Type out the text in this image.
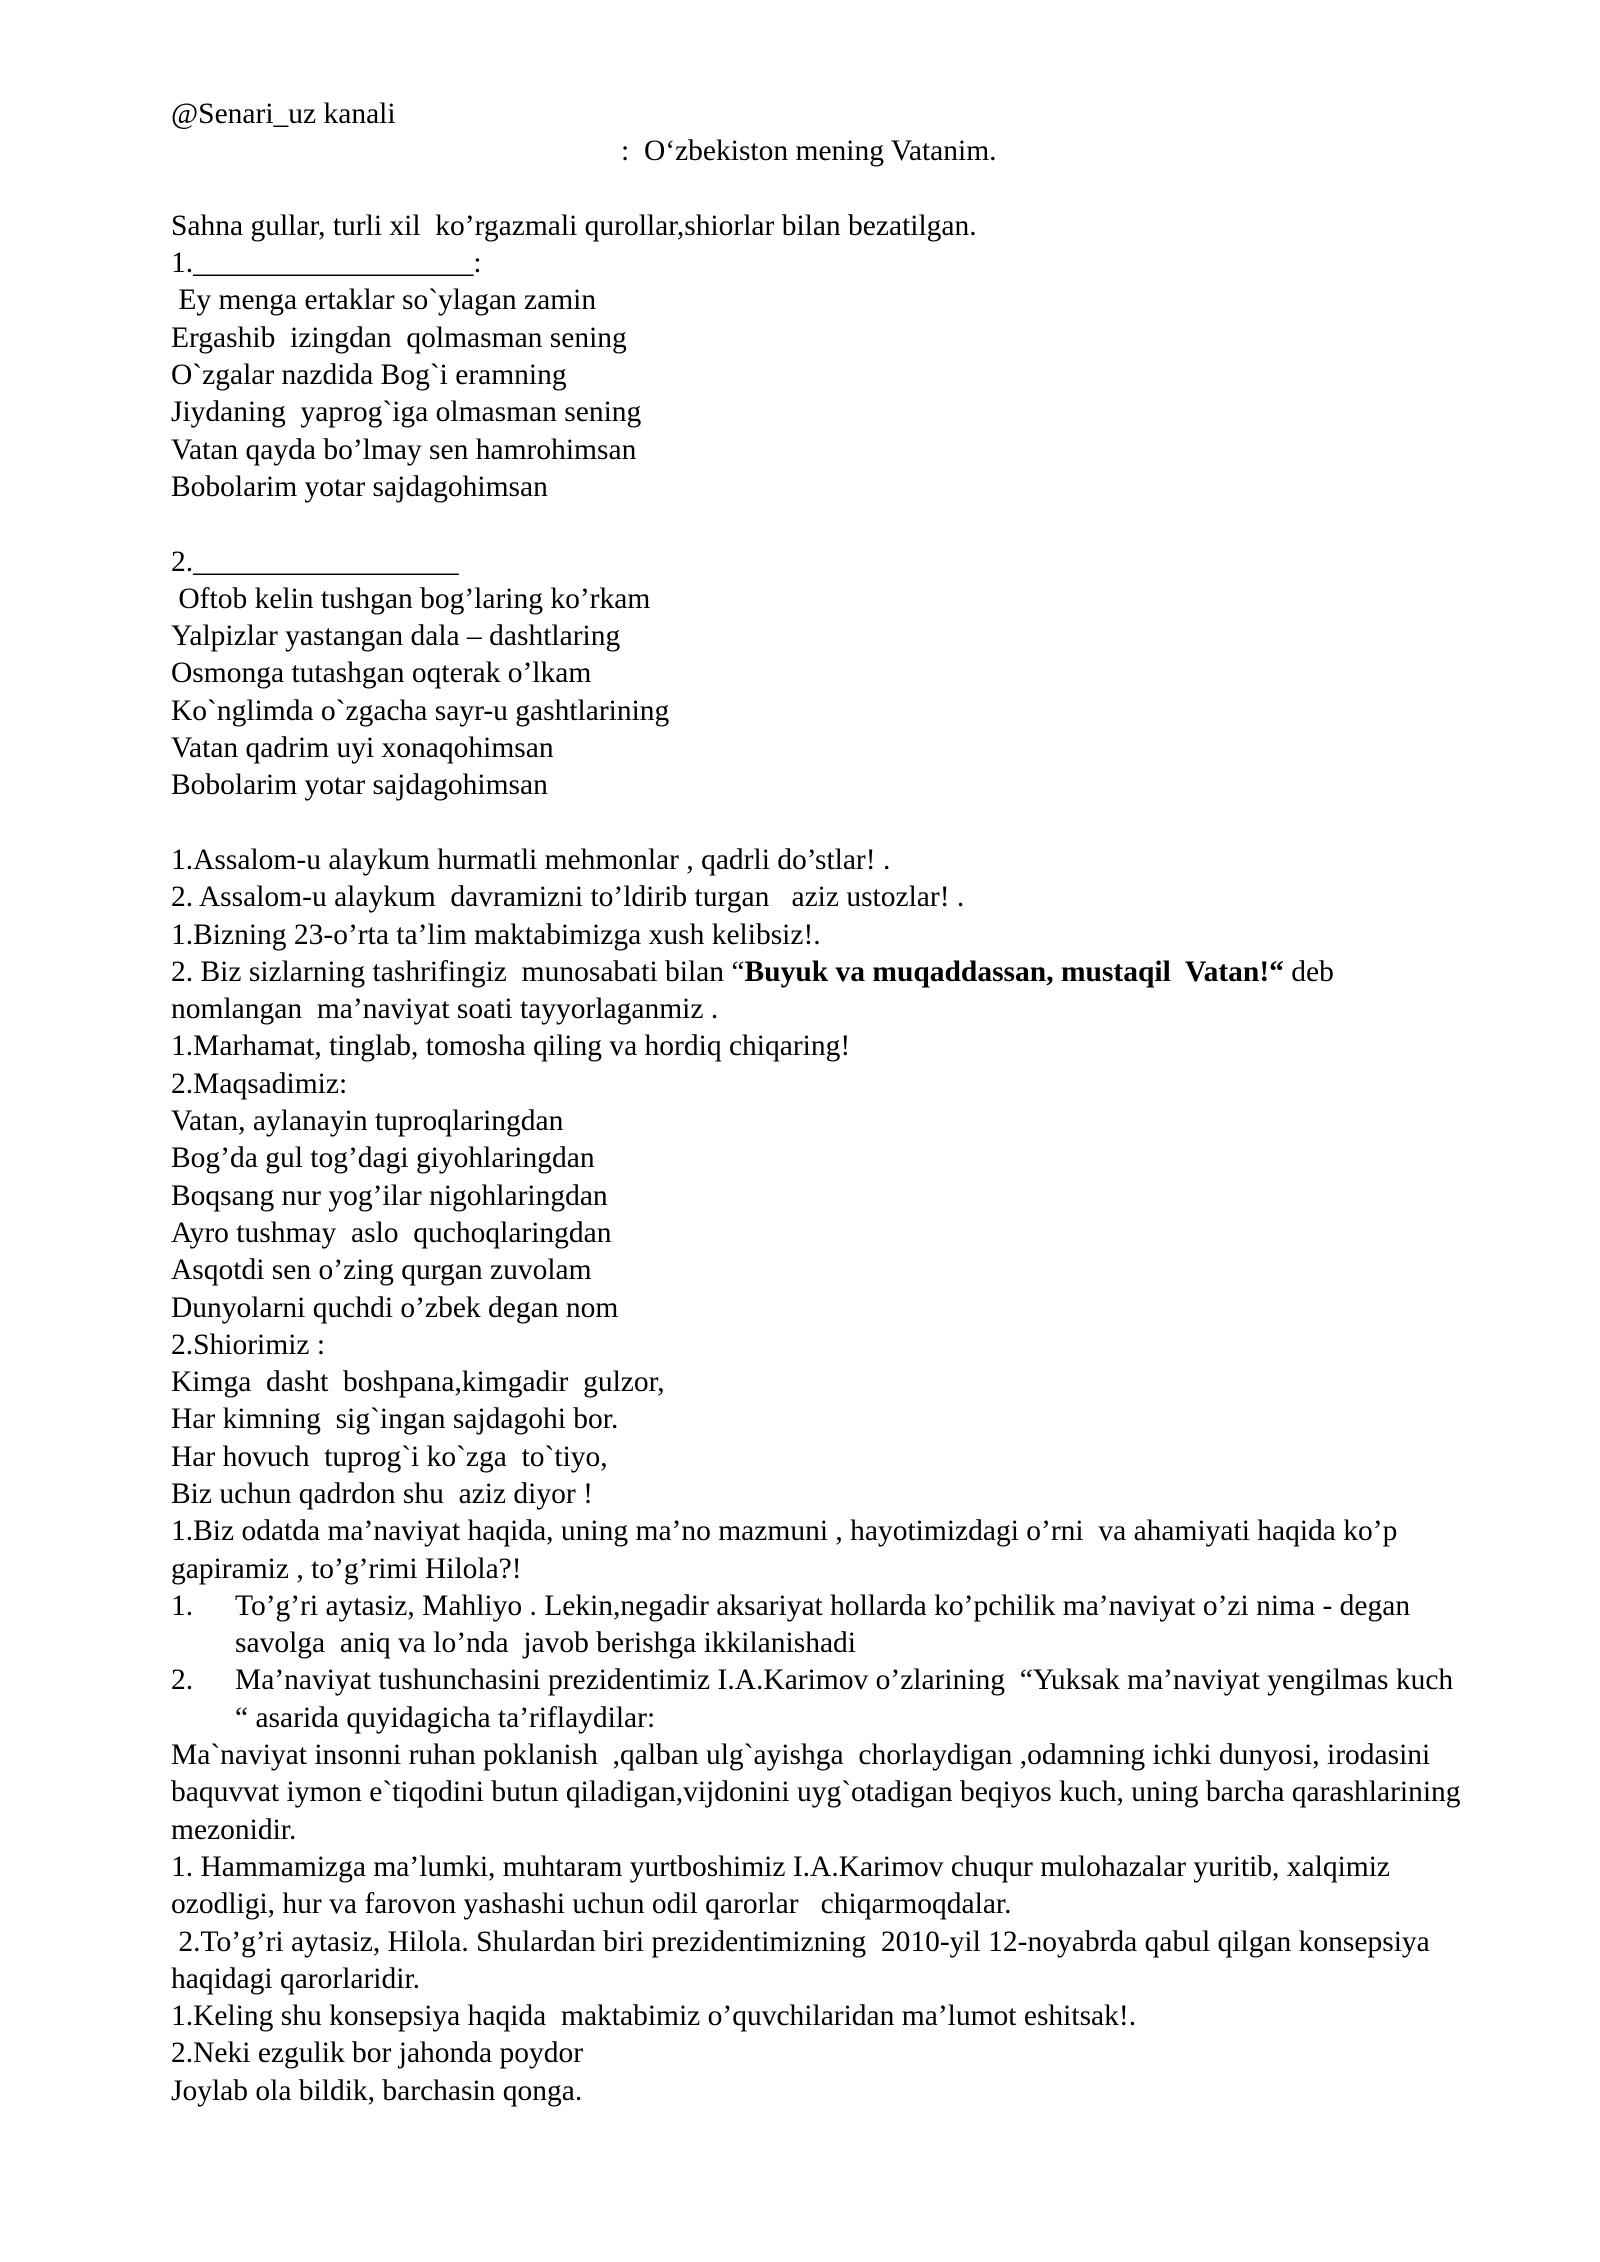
@Senari_uz kanali
:  O‘zbekiston mening Vatanim.
Sahna gullar, turli xil  ko’rgazmali qurollar,shiorlar bilan bezatilgan.
1.___________________:
Ey menga ertaklar so`ylagan zamin
Ergashib  izingdan  qolmasman sening
O`zgalar nazdida Bog`i eramning
Jiydaning  yaprog`iga olmasman sening
Vatan qayda bo’lmay sen hamrohimsan
Bobolarim yotar sajdagohimsan
2.__________________
Oftob kelin tushgan bog’laring ko’rkam
Yalpizlar yastangan dala – dashtlaring
Osmonga tutashgan oqterak o’lkam
Ko`nglimda o`zgacha sayr-u gashtlarining
Vatan qadrim uyi xonaqohimsan
Bobolarim yotar sajdagohimsan
1.Assalom-u alaykum hurmatli mehmonlar , qadrli do’stlar! .
2. Assalom-u alaykum  davramizni to’ldirib turgan   aziz ustozlar! .
1.Bizning 23-o’rta ta’lim maktabimizga xush kelibsiz!.
2. Biz sizlarning tashrifingiz  munosabati bilan “Buyuk va muqaddassan, mustaqil  Vatan!“ deb nomlangan  ma’naviyat soati tayyorlaganmiz .
1.Marhamat, tinglab, tomosha qiling va hordiq chiqaring!
2.Maqsadimiz:
Vatan, aylanayin tuproqlaringdan
Bog’da gul tog’dagi giyohlaringdan
Boqsang nur yog’ilar nigohlaringdan
Ayro tushmay  aslo  quchoqlaringdan
Asqotdi sen o’zing qurgan zuvolam
Dunyolarni quchdi o’zbek degan nom
2.Shiorimiz :
Kimga  dasht  boshpana,kimgadir  gulzor,
Har kimning  sig`ingan sajdagohi bor.
Har hovuch  tuprog`i ko`zga  to`tiyo,
Biz uchun qadrdon shu  aziz diyor !
1.Biz odatda ma’naviyat haqida, uning ma’no mazmuni , hayotimizdagi o’rni  va ahamiyati haqida ko’p gapiramiz , to’g’rimi Hilola?!
1.	To’g’ri aytasiz, Mahliyo . Lekin,negadir aksariyat hollarda ko’pchilik ma’naviyat o’zi nima - degan savolga  aniq va lo’nda  javob berishga ikkilanishadi
2.	Ma’naviyat tushunchasini prezidentimiz I.A.Karimov o’zlarining  “Yuksak ma’naviyat yengilmas kuch “ asarida quyidagicha ta’riflaydilar:
Ma`naviyat insonni ruhan poklanish  ,qalban ulg`ayishga  chorlaydigan ,odamning ichki dunyosi, irodasini baquvvat iymon e`tiqodini butun qiladigan,vijdonini uyg`otadigan beqiyos kuch, uning barcha qarashlarining mezonidir.
1. Hammamizga ma’lumki, muhtaram yurtboshimiz I.A.Karimov chuqur mulohazalar yuritib, xalqimiz ozodligi, hur va farovon yashashi uchun odil qarorlar   chiqarmoqdalar.
2.To’g’ri aytasiz, Hilola. Shulardan biri prezidentimizning  2010-yil 12-noyabrda qabul qilgan konsepsiya    haqidagi qarorlaridir.
1.Keling shu konsepsiya haqida  maktabimiz o’quvchilaridan ma’lumot eshitsak!.
2.Neki ezgulik bor jahonda poydor
Joylab ola bildik, barchasin qonga.
